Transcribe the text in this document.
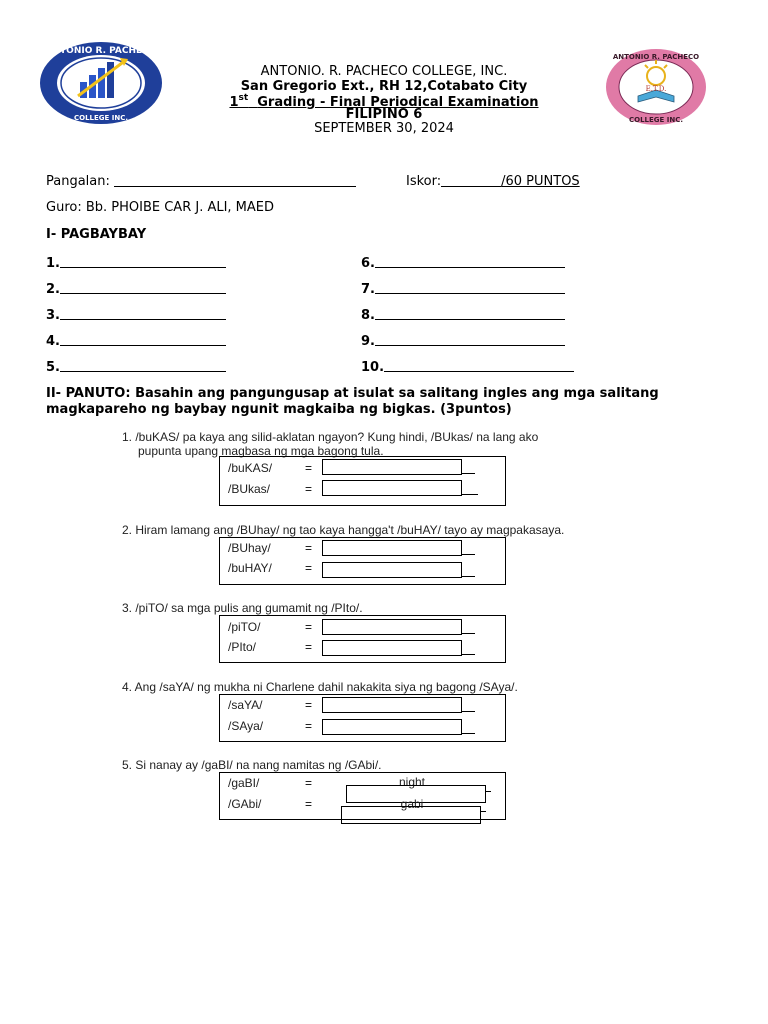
ANTONIO R. PACHECO
COLLEGE INC.
E.T.D.
ANTONIO R. PACHECO
COLLEGE INC.
ANTONIO. R. PACHECO COLLEGE, INC.
San Gregorio Ext., RH 12,Cotabato City
1st Grading - Final Periodical Examination
FILIPINO 6
SEPTEMBER 30, 2024
Pangalan:	Iskor:	/60 PUNTOS
Guro: Bb. PHOIBE CAR J. ALI, MAED
I- PAGBAYBAY
1.
2.
3.
4.
5.
6.
7.
8.
9.
10.
II- PANUTO: Basahin ang pangungusap at isulat sa salitang ingles ang mga salitang magkapareho ng baybay ngunit magkaiba ng bigkas. (3puntos)
1. /buKAS/ pa kaya ang silid-aklatan ngayon? Kung hindi, /BUkas/ na lang ako
pupunta upang magbasa ng mga bagong tula.
/buKAS/	=
/BUkas/	=
2. Hiram lamang ang /BUhay/ ng tao kaya hangga't /buHAY/ tayo ay magpakasaya.
/BUhay/	=
/buHAY/	=
3. /piTO/ sa mga pulis ang gumamit ng /PIto/.
/piTO/	=
/PIto/	=
4. Ang /saYA/ ng mukha ni Charlene dahil nakakita siya ng bagong /SAya/.
/saYA/	=
/SAya/	=
5. Si nanay ay /gaBI/ na nang namitas ng /GAbi/.
/gaBI/	=	night
/GAbi/	=	gabi
